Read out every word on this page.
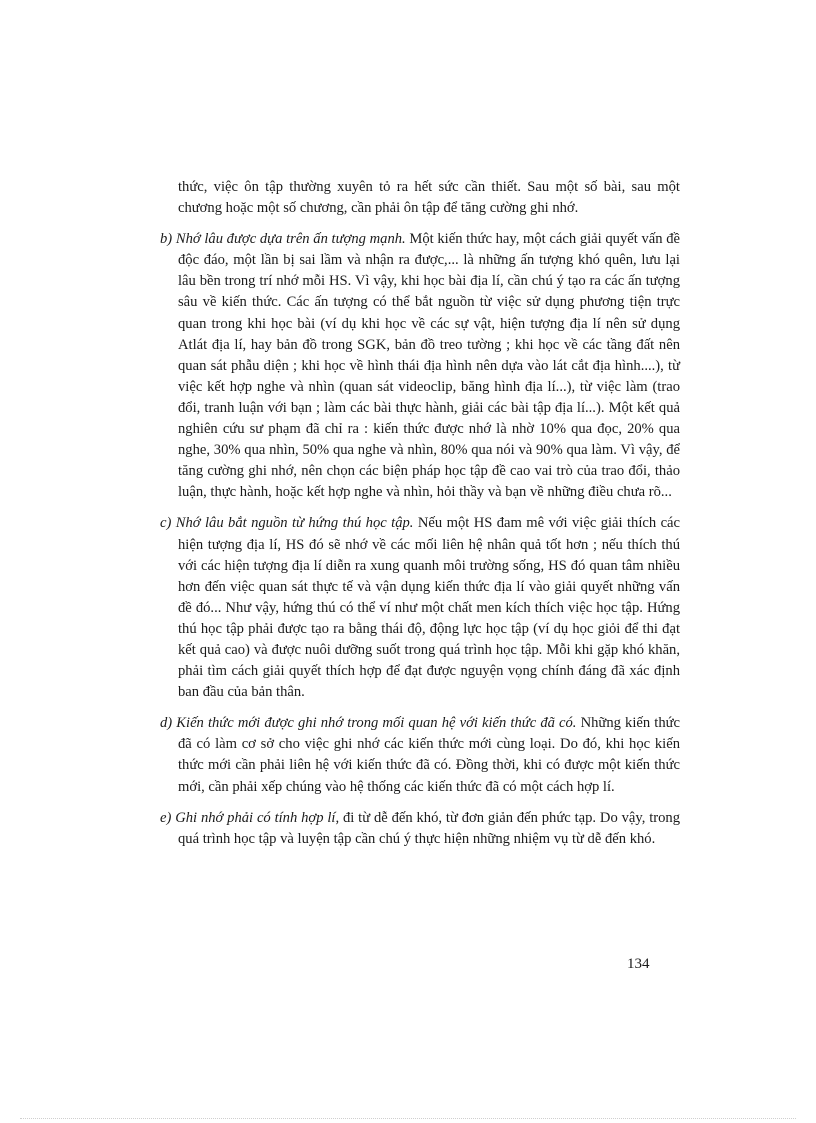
thức, việc ôn tập thường xuyên tỏ ra hết sức cần thiết. Sau một số bài, sau một chương hoặc một số chương, cần phải ôn tập để tăng cường ghi nhớ.

b) Nhớ lâu được dựa trên ấn tượng mạnh. Một kiến thức hay, một cách giải quyết vấn đề độc đáo, một lần bị sai lầm và nhận ra được,... là những ấn tượng khó quên, lưu lại lâu bền trong trí nhớ mỗi HS. Vì vậy, khi học bài địa lí, cần chú ý tạo ra các ấn tượng sâu về kiến thức. Các ấn tượng có thể bắt nguồn từ việc sử dụng phương tiện trực quan trong khi học bài (ví dụ khi học về các sự vật, hiện tượng địa lí nên sử dụng Atlát địa lí, hay bản đồ trong SGK, bản đồ treo tường ; khi học về các tầng đất nên quan sát phẫu diện ; khi học về hình thái địa hình nên dựa vào lát cắt địa hình....), từ việc kết hợp nghe và nhìn (quan sát videoclip, băng hình địa lí...), từ việc làm (trao đổi, tranh luận với bạn ; làm các bài thực hành, giải các bài tập địa lí...). Một kết quả nghiên cứu sư phạm đã chỉ ra : kiến thức được nhớ là nhờ 10% qua đọc, 20% qua nghe, 30% qua nhìn, 50% qua nghe và nhìn, 80% qua nói và 90% qua làm. Vì vậy, để tăng cường ghi nhớ, nên chọn các biện pháp học tập đề cao vai trò của trao đổi, thảo luận, thực hành, hoặc kết hợp nghe và nhìn, hỏi thầy và bạn về những điều chưa rõ...

c) Nhớ lâu bắt nguồn từ hứng thú học tập. Nếu một HS đam mê với việc giải thích các hiện tượng địa lí, HS đó sẽ nhớ về các mối liên hệ nhân quả tốt hơn ; nếu thích thú với các hiện tượng địa lí diễn ra xung quanh môi trường sống, HS đó quan tâm nhiều hơn đến việc quan sát thực tế và vận dụng kiến thức địa lí vào giải quyết những vấn đề đó... Như vậy, hứng thú có thể ví như một chất men kích thích việc học tập. Hứng thú học tập phải được tạo ra bằng thái độ, động lực học tập (ví dụ học giỏi để thi đạt kết quả cao) và được nuôi dưỡng suốt trong quá trình học tập. Mỗi khi gặp khó khăn, phải tìm cách giải quyết thích hợp để đạt được nguyện vọng chính đáng đã xác định ban đầu của bản thân.

d) Kiến thức mới được ghi nhớ trong mối quan hệ với kiến thức đã có. Những kiến thức đã có làm cơ sở cho việc ghi nhớ các kiến thức mới cùng loại. Do đó, khi học kiến thức mới cần phải liên hệ với kiến thức đã có. Đồng thời, khi có được một kiến thức mới, cần phải xếp chúng vào hệ thống các kiến thức đã có một cách hợp lí.

e) Ghi nhớ phải có tính hợp lí, đi từ dễ đến khó, từ đơn giản đến phức tạp. Do vậy, trong quá trình học tập và luyện tập cần chú ý thực hiện những nhiệm vụ từ dễ đến khó.

134
